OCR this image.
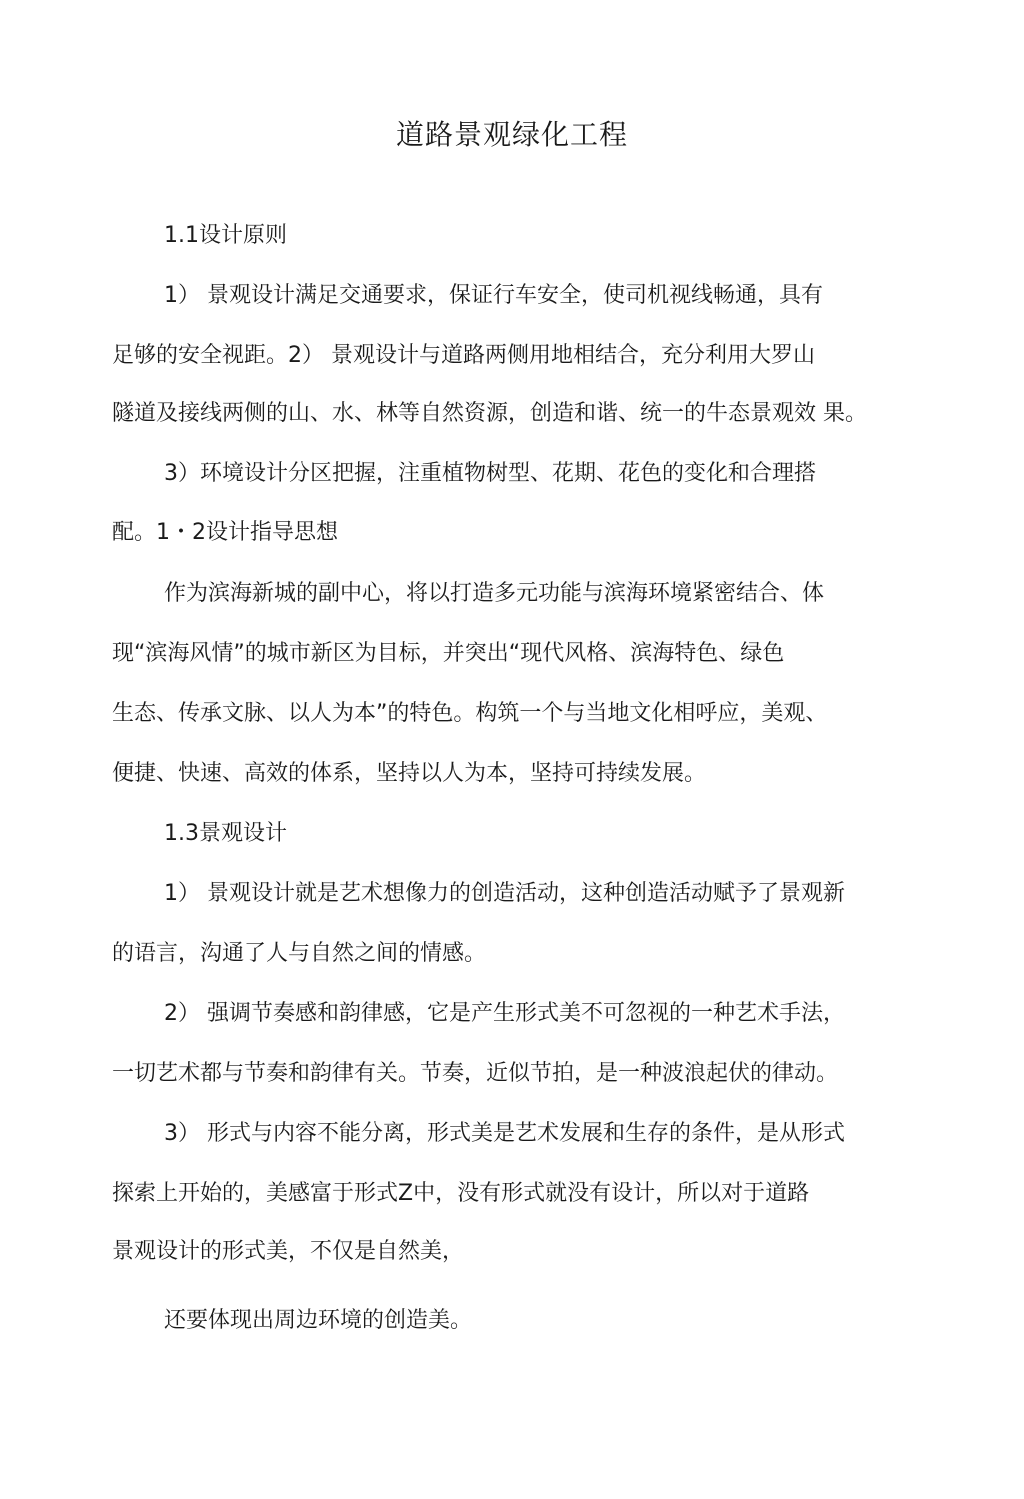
道路景观绿化工程
1.1设计原则
1） 景观设计满足交通要求，保证行车安全，使司机视线畅通，具有
足够的安全视距。2） 景观设计与道路两侧用地相结合，充分利用大罗山
隧道及接线两侧的山、水、林等自然资源，创造和谐、统一的牛态景观效 果。
3）环境设计分区把握，注重植物树型、花期、花色的变化和合理搭
配。1・2设计指导思想
作为滨海新城的副中心，将以打造多元功能与滨海环境紧密结合、体
现“滨海风情”的城市新区为目标，并突出“现代风格、滨海特色、绿色
生态、传承文脉、以人为本”的特色。构筑一个与当地文化相呼应，美观、
便捷、快速、高效的体系，坚持以人为本，坚持可持续发展。
1.3景观设计
1） 景观设计就是艺术想像力的创造活动，这种创造活动赋予了景观新
的语言，沟通了人与自然之间的情感。
2） 强调节奏感和韵律感，它是产生形式美不可忽视的一种艺术手法，
一切艺术都与节奏和韵律有关。节奏，近似节拍，是一种波浪起伏的律动。
3） 形式与内容不能分离，形式美是艺术发展和生存的条件，是从形式
探索上开始的，美感富于形式Z中，没有形式就没有设计，所以对于道路
景观设计的形式美，不仅是自然美，
还要体现出周边环境的创造美。
